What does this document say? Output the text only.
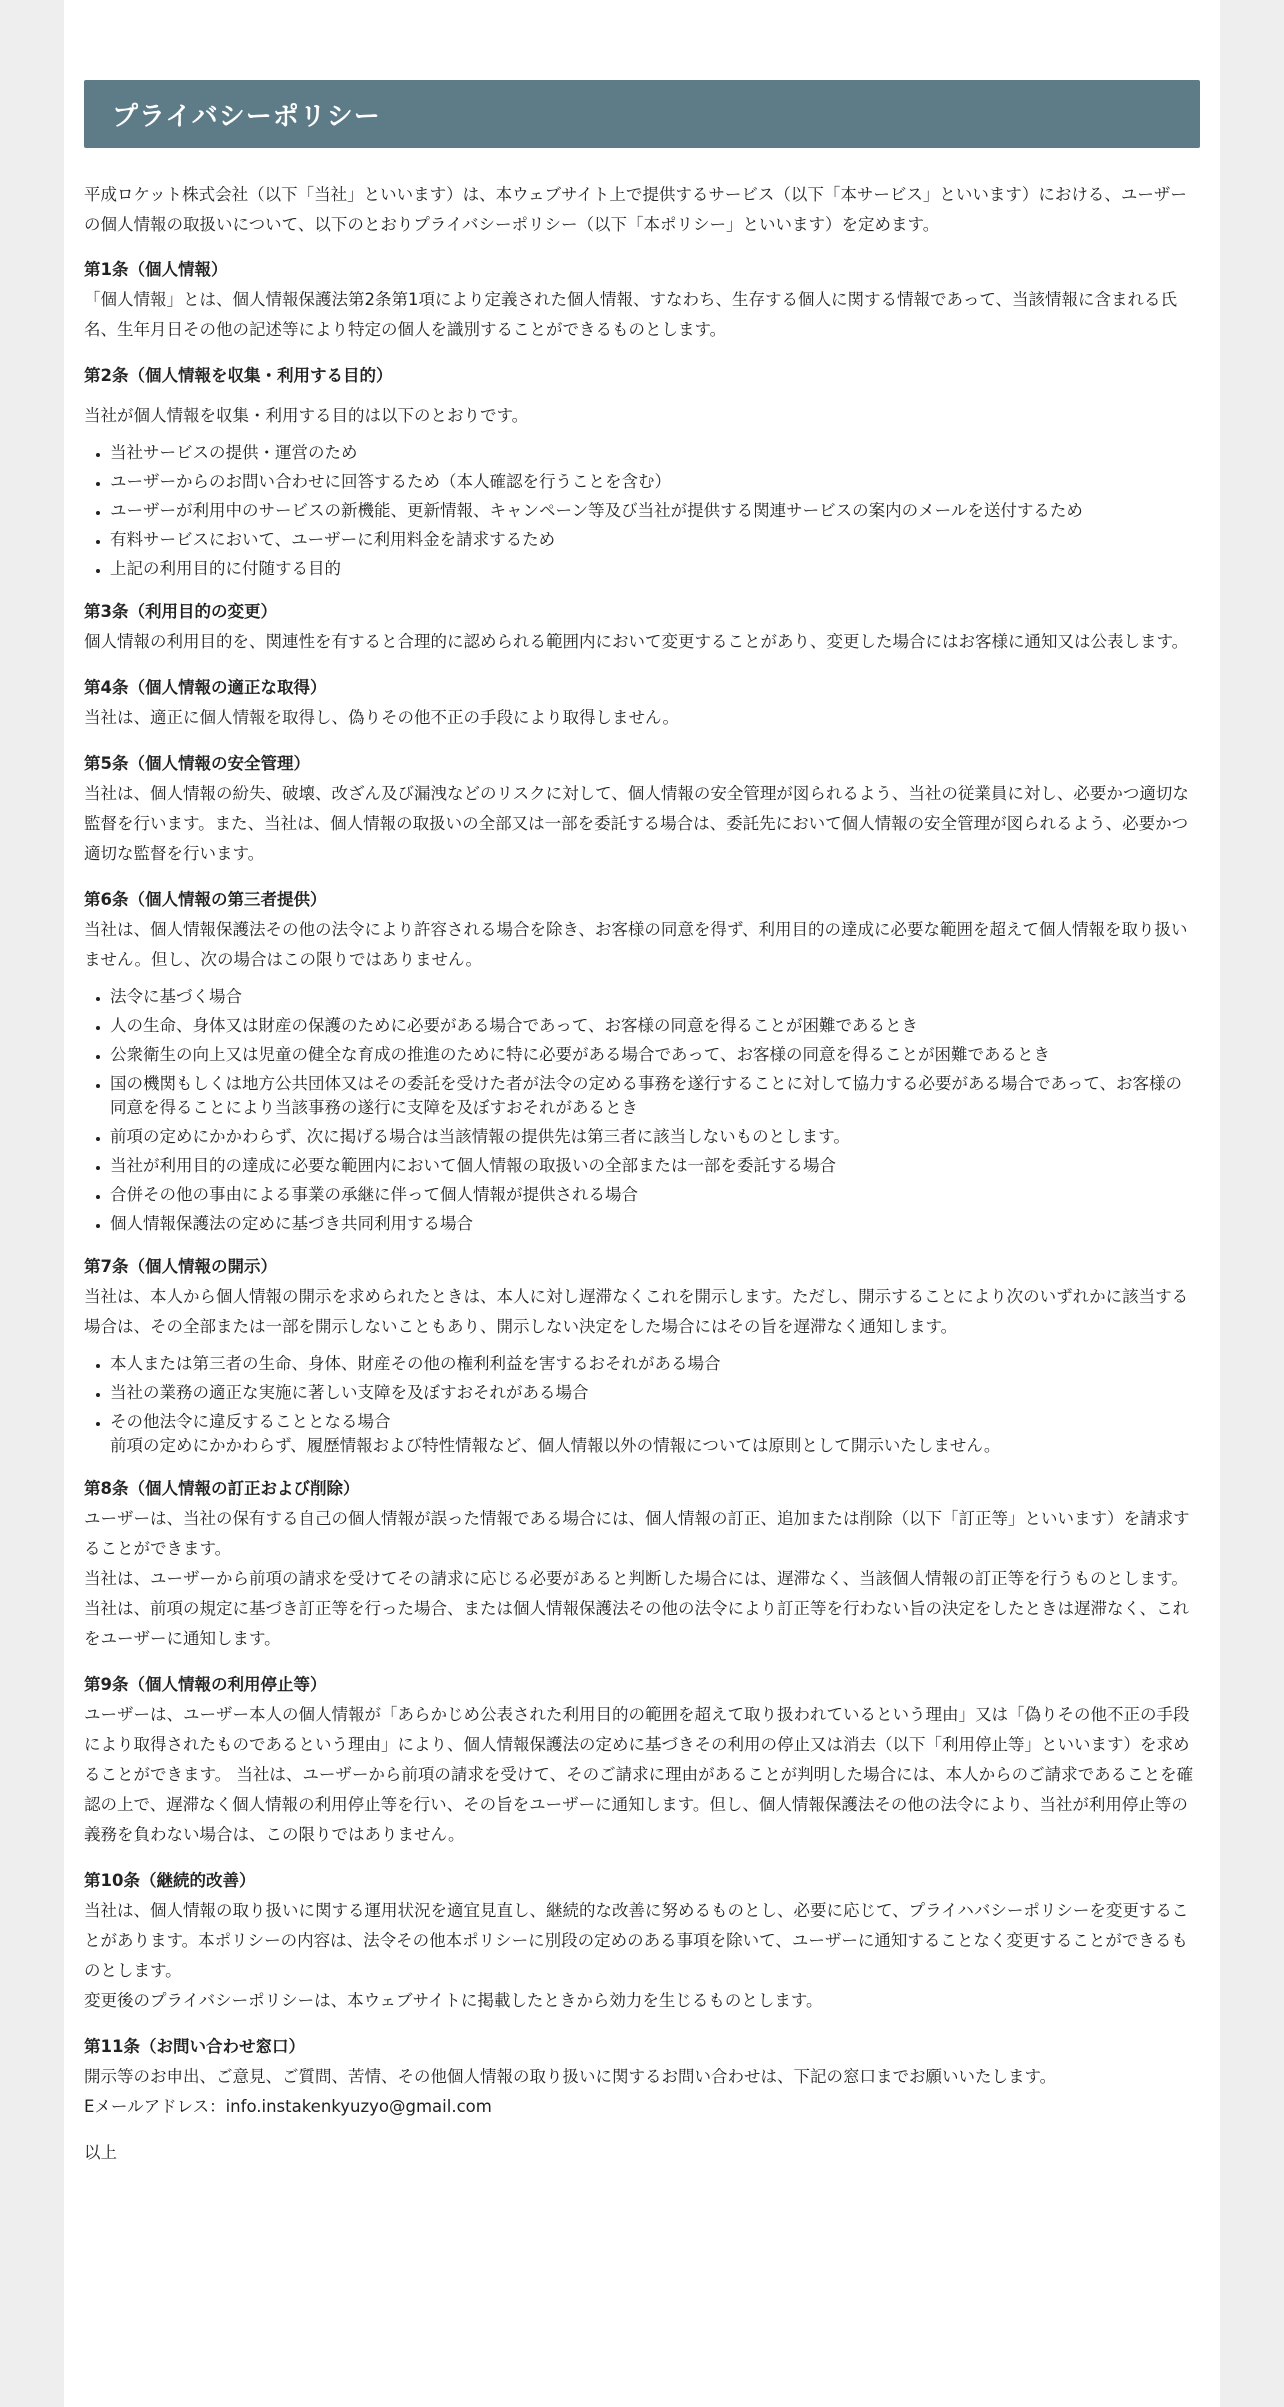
プライバシーポリシー

平成ロケット株式会社（以下「当社」といいます）は、本ウェブサイト上で提供するサービス（以下「本サービス」といいます）における、ユーザーの個人情報の取扱いについて、以下のとおりプライバシーポリシー（以下「本ポリシー」といいます）を定めます。

第1条（個人情報）

「個人情報」とは、個人情報保護法第2条第1項により定義された個人情報、すなわち、生存する個人に関する情報であって、当該情報に含まれる氏名、生年月日その他の記述等により特定の個人を識別することができるものとします。

第2条（個人情報を収集・利用する目的）

当社が個人情報を収集・利用する目的は以下のとおりです。

• 当社サービスの提供・運営のため
• ユーザーからのお問い合わせに回答するため（本人確認を行うことを含む）
• ユーザーが利用中のサービスの新機能、更新情報、キャンペーン等及び当社が提供する関連サービスの案内のメールを送付するため
• 有料サービスにおいて、ユーザーに利用料金を請求するため
• 上記の利用目的に付随する目的
第3条（利用目的の変更）

個人情報の利用目的を、関連性を有すると合理的に認められる範囲内において変更することがあり、変更した場合にはお客様に通知又は公表します。

第4条（個人情報の適正な取得）

当社は、適正に個人情報を取得し、偽りその他不正の手段により取得しません。

第5条（個人情報の安全管理）

当社は、個人情報の紛失、破壊、改ざん及び漏洩などのリスクに対して、個人情報の安全管理が図られるよう、当社の従業員に対し、必要かつ適切な監督を行います。また、当社は、個人情報の取扱いの全部又は一部を委託する場合は、委託先において個人情報の安全管理が図られるよう、必要かつ適切な監督を行います。

第6条（個人情報の第三者提供）

当社は、個人情報保護法その他の法令により許容される場合を除き、お客様の同意を得ず、利用目的の達成に必要な範囲を超えて個人情報を取り扱いません。但し、次の場合はこの限りではありません。

• 法令に基づく場合
• 人の生命、身体又は財産の保護のために必要がある場合であって、お客様の同意を得ることが困難であるとき
• 公衆衛生の向上又は児童の健全な育成の推進のために特に必要がある場合であって、お客様の同意を得ることが困難であるとき
• 国の機関もしくは地方公共団体又はその委託を受けた者が法令の定める事務を遂行することに対して協力する必要がある場合であって、お客様の同意を得ることにより当該事務の遂行に支障を及ぼすおそれがあるとき
• 前項の定めにかかわらず、次に掲げる場合は当該情報の提供先は第三者に該当しないものとします。
• 当社が利用目的の達成に必要な範囲内において個人情報の取扱いの全部または一部を委託する場合
• 合併その他の事由による事業の承継に伴って個人情報が提供される場合
• 個人情報保護法の定めに基づき共同利用する場合
第7条（個人情報の開示）

当社は、本人から個人情報の開示を求められたときは、本人に対し遅滞なくこれを開示します。ただし、開示することにより次のいずれかに該当する場合は、その全部または一部を開示しないこともあり、開示しない決定をした場合にはその旨を遅滞なく通知します。

• 本人または第三者の生命、身体、財産その他の権利利益を害するおそれがある場合
• 当社の業務の適正な実施に著しい支障を及ぼすおそれがある場合
• その他法令に違反することとなる場合
前項の定めにかかわらず、履歴情報および特性情報など、個人情報以外の情報については原則として開示いたしません。
第8条（個人情報の訂正および削除）

ユーザーは、当社の保有する自己の個人情報が誤った情報である場合には、個人情報の訂正、追加または削除（以下「訂正等」といいます）を請求することができます。

当社は、ユーザーから前項の請求を受けてその請求に応じる必要があると判断した場合には、遅滞なく、当該個人情報の訂正等を行うものとします。

当社は、前項の規定に基づき訂正等を行った場合、または個人情報保護法その他の法令により訂正等を行わない旨の決定をしたときは遅滞なく、これをユーザーに通知します。

第9条（個人情報の利用停止等）

ユーザーは、ユーザー本人の個人情報が「あらかじめ公表された利用目的の範囲を超えて取り扱われているという理由」又は「偽りその他不正の手段により取得されたものであるという理由」により、個人情報保護法の定めに基づきその利用の停止又は消去（以下「利用停止等」といいます）を求めることができます。 当社は、ユーザーから前項の請求を受けて、そのご請求に理由があることが判明した場合には、本人からのご請求であることを確認の上で、遅滞なく個人情報の利用停止等を行い、その旨をユーザーに通知します。但し、個人情報保護法その他の法令により、当社が利用停止等の義務を負わない場合は、この限りではありません。

第10条（継続的改善）

当社は、個人情報の取り扱いに関する運用状況を適宜見直し、継続的な改善に努めるものとし、必要に応じて、プライハバシーポリシーを変更することがあります。本ポリシーの内容は、法令その他本ポリシーに別段の定めのある事項を除いて、ユーザーに通知することなく変更することができるものとします。

変更後のプライバシーポリシーは、本ウェブサイトに掲載したときから効力を生じるものとします。

第11条（お問い合わせ窓口）

開示等のお申出、ご意見、ご質問、苦情、その他個人情報の取り扱いに関するお問い合わせは、下記の窓口までお願いいたします。

Eメールアドレス：info.instakenkyuzyo@gmail.com

以上
